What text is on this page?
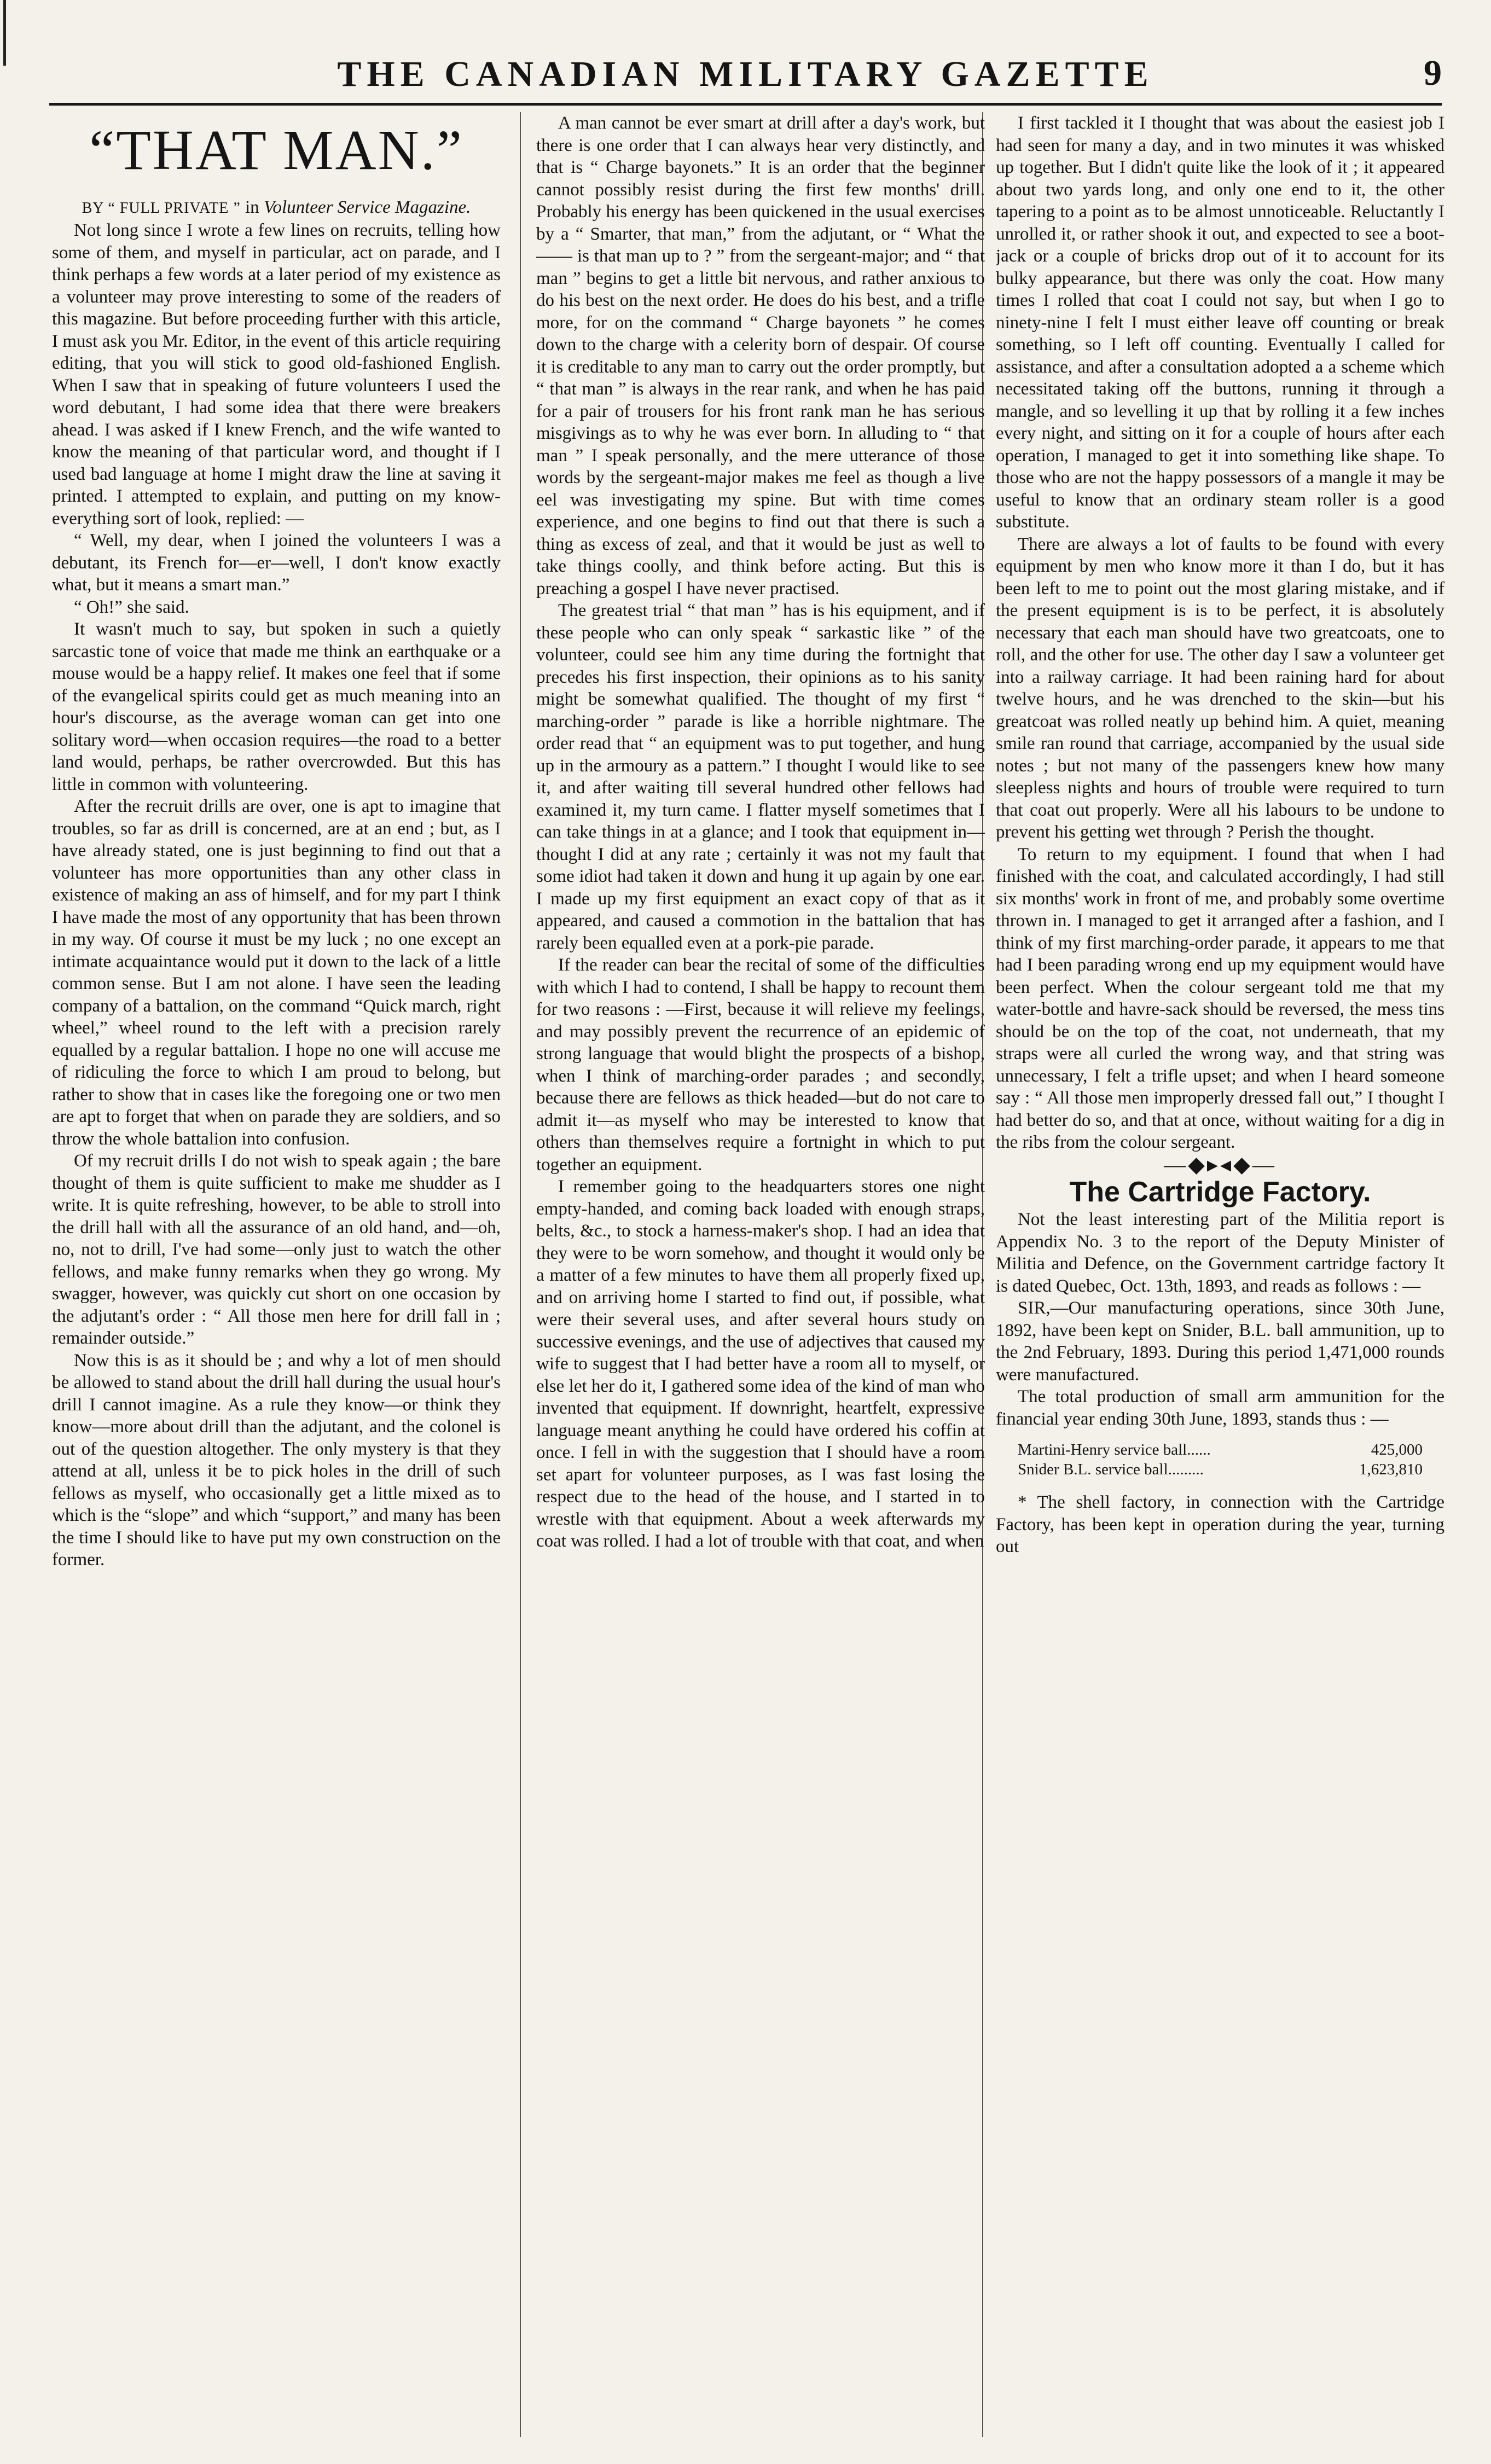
THE CANADIAN MILITARY GAZETTE	9
“THAT MAN.”

BY “ FULL PRIVATE ” in Volunteer Service Magazine.

Not long since I wrote a few lines on recruits, telling how some of them, and myself in particular, act on parade, and I think perhaps a few words at a later period of my existence as a volunteer may prove interesting to some of the readers of this magazine. But before proceeding further with this article, I must ask you Mr. Editor, in the event of this article requiring editing, that you will stick to good old-fashioned English. When I saw that in speaking of future volunteers I used the word debutant, I had some idea that there were breakers ahead. I was asked if I knew French, and the wife wanted to know the meaning of that particular word, and thought if I used bad language at home I might draw the line at saving it printed. I attempted to explain, and putting on my know-everything sort of look, replied: —

“ Well, my dear, when I joined the volunteers I was a debutant, its French for—er—well, I don't know exactly what, but it means a smart man.”

“ Oh!” she said.

It wasn't much to say, but spoken in such a quietly sarcastic tone of voice that made me think an earthquake or a mouse would be a happy relief. It makes one feel that if some of the evangelical spirits could get as much meaning into an hour's discourse, as the average woman can get into one solitary word—when occasion requires—the road to a better land would, perhaps, be rather overcrowded. But this has little in common with volunteering.

After the recruit drills are over, one is apt to imagine that troubles, so far as drill is concerned, are at an end ; but, as I have already stated, one is just beginning to find out that a volunteer has more opportunities than any other class in existence of making an ass of himself, and for my part I think I have made the most of any opportunity that has been thrown in my way. Of course it must be my luck ; no one except an intimate acquaintance would put it down to the lack of a little common sense. But I am not alone. I have seen the leading company of a battalion, on the command “Quick march, right wheel,” wheel round to the left with a precision rarely equalled by a regular battalion. I hope no one will accuse me of ridiculing the force to which I am proud to belong, but rather to show that in cases like the foregoing one or two men are apt to forget that when on parade they are soldiers, and so throw the whole battalion into confusion.

Of my recruit drills I do not wish to speak again ; the bare thought of them is quite sufficient to make me shudder as I write. It is quite refreshing, however, to be able to stroll into the drill hall with all the assurance of an old hand, and—oh, no, not to drill, I've had some—only just to watch the other fellows, and make funny remarks when they go wrong. My swagger, however, was quickly cut short on one occasion by the adjutant's order : “ All those men here for drill fall in ; remainder outside.”

Now this is as it should be ; and why a lot of men should be allowed to stand about the drill hall during the usual hour's drill I cannot imagine. As a rule they know—or think they know—more about drill than the adjutant, and the colonel is out of the question altogether. The only mystery is that they attend at all, unless it be to pick holes in the drill of such fellows as myself, who occasionally get a little mixed as to which is the “slope” and which “support,” and many has been the time I should like to have put my own construction on the former.

A man cannot be ever smart at drill after a day's work, but there is one order that I can always hear very distinctly, and that is “ Charge bayonets.” It is an order that the beginner cannot possibly resist during the first few months' drill. Probably his energy has been quickened in the usual exercises by a “ Smarter, that man,” from the adjutant, or “ What the —— is that man up to ? ” from the sergeant-major; and “ that man ” begins to get a little bit nervous, and rather anxious to do his best on the next order. He does do his best, and a trifle more, for on the command “ Charge bayonets ” he comes down to the charge with a celerity born of despair. Of course it is creditable to any man to carry out the order promptly, but “ that man ” is always in the rear rank, and when he has paid for a pair of trousers for his front rank man he has serious misgivings as to why he was ever born. In alluding to “ that man ” I speak personally, and the mere utterance of those words by the sergeant-major makes me feel as though a live eel was investigating my spine. But with time comes experience, and one begins to find out that there is such a thing as excess of zeal, and that it would be just as well to take things coolly, and think before acting. But this is preaching a gospel I have never practised.

The greatest trial “ that man ” has is his equipment, and if these people who can only speak “ sarkastic like ” of the volunteer, could see him any time during the fortnight that precedes his first inspection, their opinions as to his sanity might be somewhat qualified. The thought of my first “ marching-order ” parade is like a horrible nightmare. The order read that “ an equipment was to put together, and hung up in the armoury as a pattern.” I thought I would like to see it, and after waiting till several hundred other fellows had examined it, my turn came. I flatter myself sometimes that I can take things in at a glance; and I took that equipment in—thought I did at any rate ; certainly it was not my fault that some idiot had taken it down and hung it up again by one ear. I made up my first equipment an exact copy of that as it appeared, and caused a commotion in the battalion that has rarely been equalled even at a pork-pie parade.

If the reader can bear the recital of some of the difficulties with which I had to contend, I shall be happy to recount them for two reasons : —First, because it will relieve my feelings, and may possibly prevent the recurrence of an epidemic of strong language that would blight the prospects of a bishop, when I think of marching-order parades ; and secondly, because there are fellows as thick headed—but do not care to admit it—as myself who may be interested to know that others than themselves require a fortnight in which to put together an equipment.

I remember going to the headquarters stores one night empty-handed, and coming back loaded with enough straps, belts, &c., to stock a harness-maker's shop. I had an idea that they were to be worn somehow, and thought it would only be a matter of a few minutes to have them all properly fixed up, and on arriving home I started to find out, if possible, what were their several uses, and after several hours study on successive evenings, and the use of adjectives that caused my wife to suggest that I had better have a room all to myself, or else let her do it, I gathered some idea of the kind of man who invented that equipment. If downright, heartfelt, expressive language meant anything he could have ordered his coffin at once. I fell in with the suggestion that I should have a room set apart for volunteer purposes, as I was fast losing the respect due to the head of the house, and I started in to wrestle with that equipment. About a week afterwards my coat was rolled. I had a lot of trouble with that coat, and when

I first tackled it I thought that was about the easiest job I had seen for many a day, and in two minutes it was whisked up together. But I didn't quite like the look of it ; it appeared about two yards long, and only one end to it, the other tapering to a point as to be almost unnoticeable. Reluctantly I unrolled it, or rather shook it out, and expected to see a boot-jack or a couple of bricks drop out of it to account for its bulky appearance, but there was only the coat. How many times I rolled that coat I could not say, but when I go to ninety-nine I felt I must either leave off counting or break something, so I left off counting. Eventually I called for assistance, and after a consultation adopted a a scheme which necessitated taking off the buttons, running it through a mangle, and so levelling it up that by rolling it a few inches every night, and sitting on it for a couple of hours after each operation, I managed to get it into something like shape. To those who are not the happy possessors of a mangle it may be useful to know that an ordinary steam roller is a good substitute.

There are always a lot of faults to be found with every equipment by men who know more it than I do, but it has been left to me to point out the most glaring mistake, and if the present equipment is is to be perfect, it is absolutely necessary that each man should have two greatcoats, one to roll, and the other for use. The other day I saw a volunteer get into a railway carriage. It had been raining hard for about twelve hours, and he was drenched to the skin—but his greatcoat was rolled neatly up behind him. A quiet, meaning smile ran round that carriage, accompanied by the usual side notes ; but not many of the passengers knew how many sleepless nights and hours of trouble were required to turn that coat out properly. Were all his labours to be undone to prevent his getting wet through ? Perish the thought.

To return to my equipment. I found that when I had finished with the coat, and calculated accordingly, I had still six months' work in front of me, and probably some overtime thrown in. I managed to get it arranged after a fashion, and I think of my first marching-order parade, it appears to me that had I been parading wrong end up my equipment would have been perfect. When the colour sergeant told me that my water-bottle and havre-sack should be reversed, the mess tins should be on the top of the coat, not underneath, that my straps were all curled the wrong way, and that string was unnecessary, I felt a trifle upset; and when I heard someone say : “ All those men improperly dressed fall out,” I thought I had better do so, and that at once, without waiting for a dig in the ribs from the colour sergeant.

—◆▸◂◆—

The Cartridge Factory.

Not the least interesting part of the Militia report is Appendix No. 3 to the report of the Deputy Minister of Militia and Defence, on the Government cartridge factory It is dated Quebec, Oct. 13th, 1893, and reads as follows : —

SIR,—Our manufacturing operations, since 30th June, 1892, have been kept on Snider, B.L. ball ammunition, up to the 2nd February, 1893. During this period 1,471,000 rounds were manufactured.

The total production of small arm ammunition for the financial year ending 30th June, 1893, stands thus : —

Martini-Henry service ball......	425,000
Snider B.L. service ball.........	1,623,810

* The shell factory, in connection with the Cartridge Factory, has been kept in operation during the year, turning out
